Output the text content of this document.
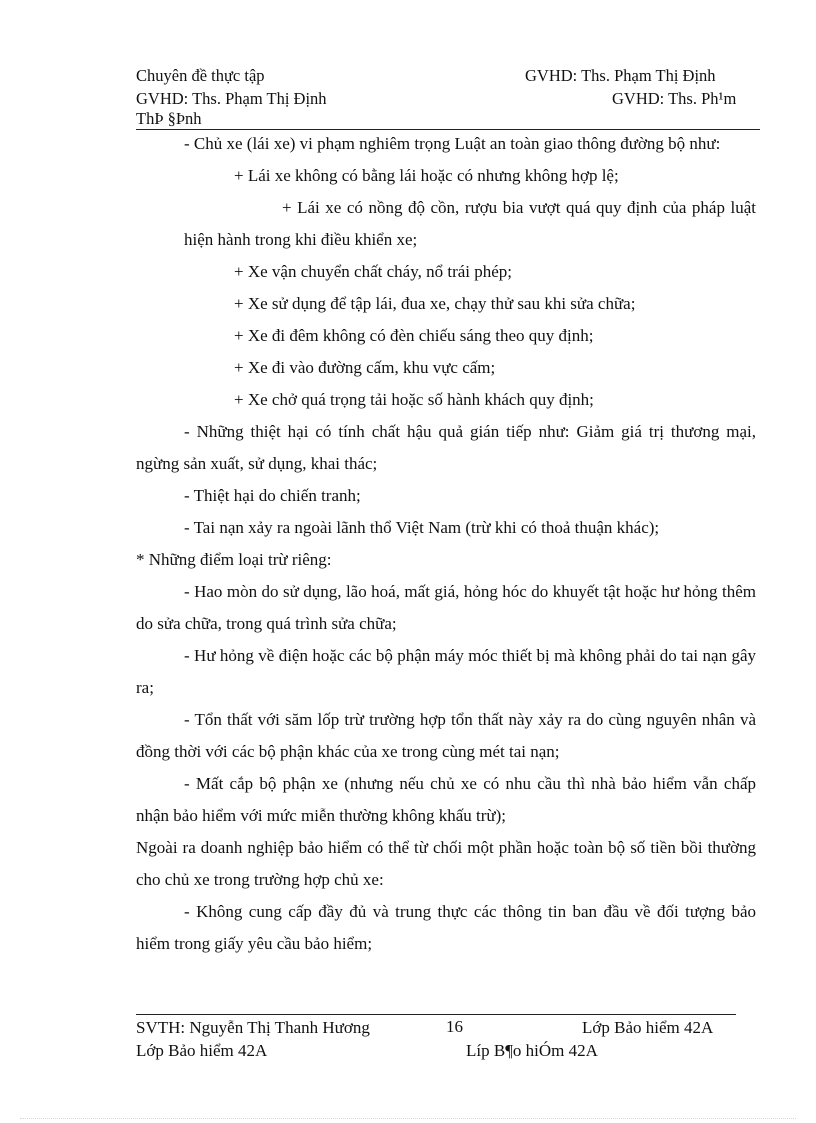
Chuyên đề thực tập	GVHD: Ths. Phạm Thị Định
GVHD: Ths. Phạm Thị Định	GVHD: Ths. Ph¹m
ThÞ §Þnh
- Chủ xe (lái xe) vi phạm nghiêm trọng Luật an toàn giao thông đường bộ như:
+ Lái xe không có bằng lái hoặc có nhưng không hợp lệ;
+ Lái xe có nồng độ cồn, rượu bia vượt quá quy định của pháp luật hiện hành trong khi điều khiển xe;
+ Xe vận chuyển chất cháy, nổ trái phép;
+ Xe sử dụng để tập lái, đua xe, chạy thử sau khi sửa chữa;
+ Xe đi đêm không có đèn chiếu sáng theo quy định;
+ Xe đi vào đường cấm, khu vực cấm;
+ Xe chở quá trọng tải hoặc số hành khách quy định;
- Những thiệt hại có tính chất hậu quả gián tiếp như: Giảm giá trị thương mại, ngừng sản xuất, sử dụng, khai thác;
- Thiệt hại do chiến tranh;
- Tai nạn xảy ra ngoài lãnh thổ Việt Nam (trừ khi có thoả thuận khác);
* Những điểm loại trừ riêng:
- Hao mòn do sử dụng, lão hoá, mất giá, hỏng hóc do khuyết tật hoặc hư hỏng thêm do sửa chữa, trong quá trình sửa chữa;
- Hư hỏng về điện hoặc các bộ phận máy móc thiết bị mà không phải do tai nạn gây ra;
- Tổn thất với săm lốp trừ trường hợp tổn thất này xảy ra do cùng nguyên nhân và đồng thời với các bộ phận khác của xe trong cùng mét tai nạn;
- Mất cắp bộ phận xe (nhưng nếu chủ xe có nhu cầu thì nhà bảo hiểm vẫn chấp nhận bảo hiểm với mức miễn thường không khấu trừ);
Ngoài ra doanh nghiệp bảo hiểm có thể từ chối một phần hoặc toàn bộ số tiền bồi thường cho chủ xe trong trường hợp chủ xe:
- Không cung cấp đầy đủ và trung thực các thông tin ban đầu về đối tượng bảo hiểm trong giấy yêu cầu bảo hiểm;
SVTH: Nguyễn Thị Thanh Hương	16	Lớp Bảo hiểm 42A
Lớp Bảo hiểm 42A	Líp B¶o hiÓm 42A
